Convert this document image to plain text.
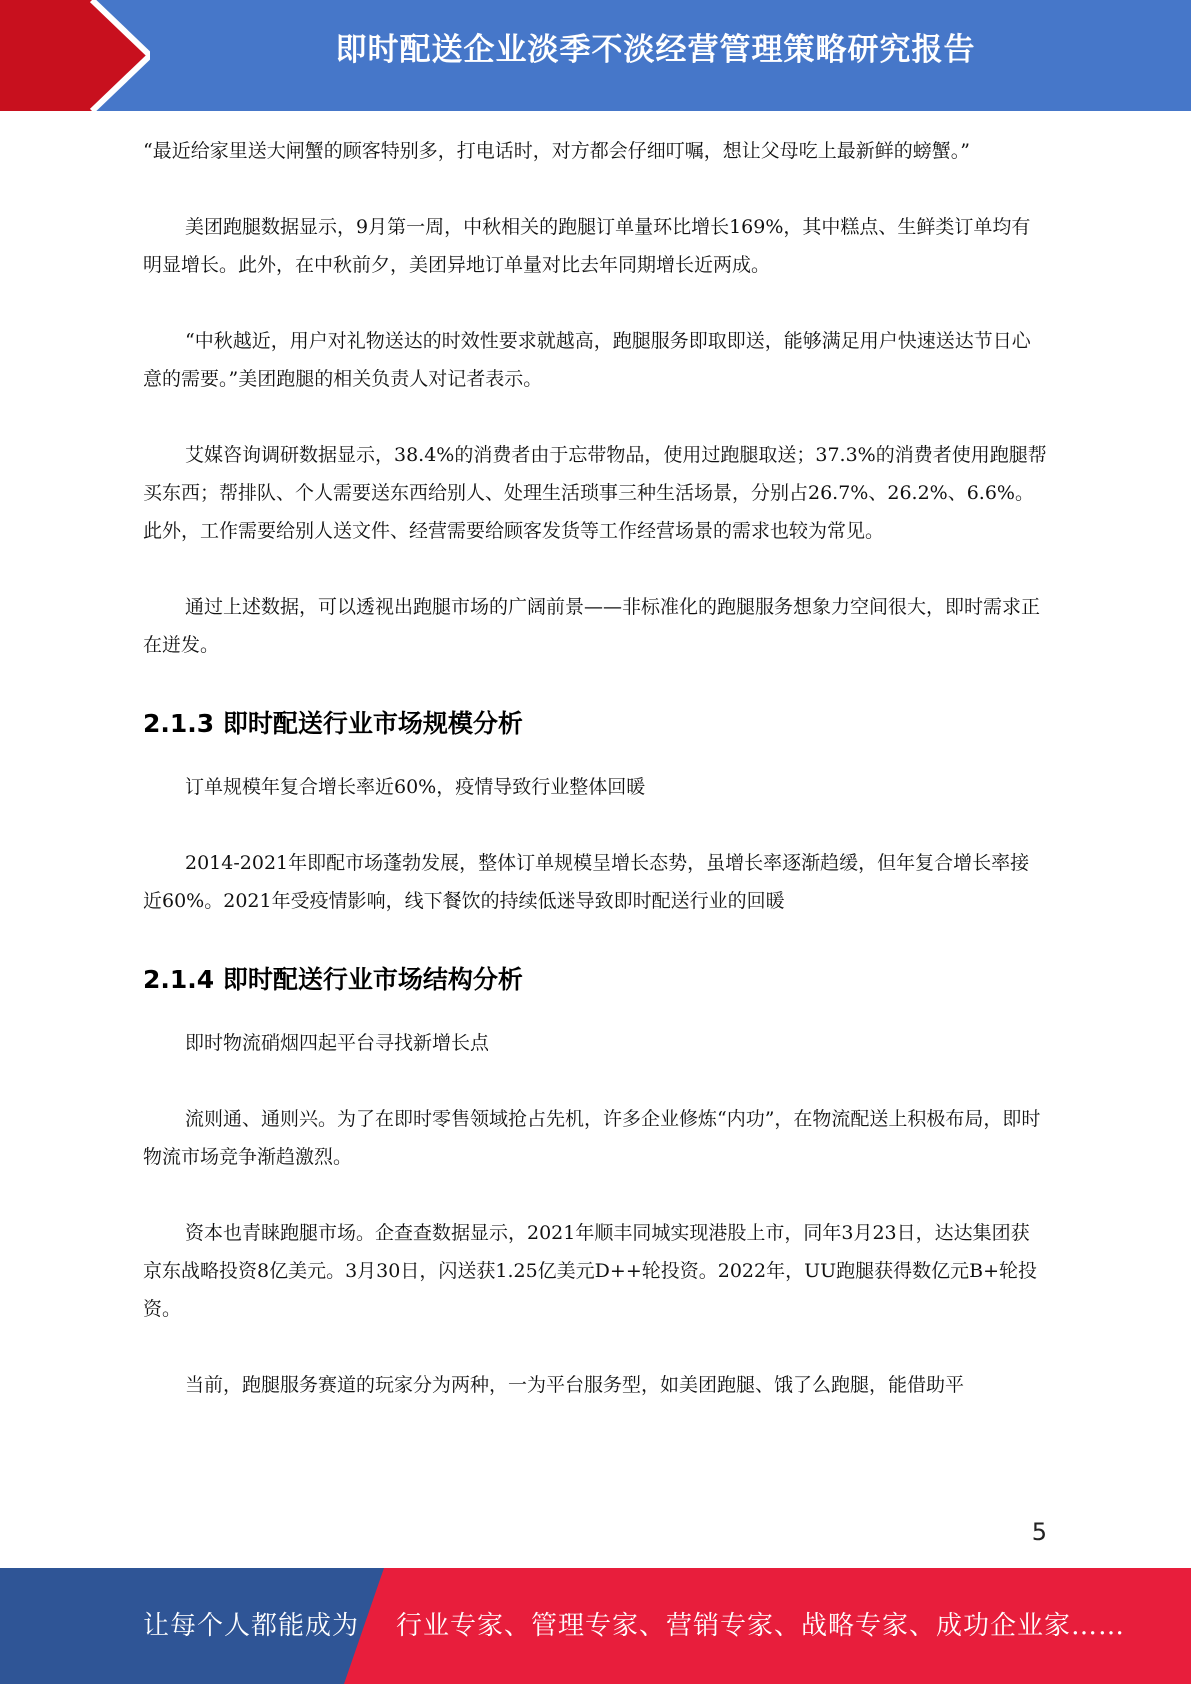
即时配送企业淡季不淡经营管理策略研究报告

“最近给家里送大闸蟹的顾客特别多，打电话时，对方都会仔细叮嘱，想让父母吃上最新鲜的螃蟹。”

美团跑腿数据显示，9月第一周，中秋相关的跑腿订单量环比增长169%，其中糕点、生鲜类订单均有明显增长。此外，在中秋前夕，美团异地订单量对比去年同期增长近两成。

“中秋越近，用户对礼物送达的时效性要求就越高，跑腿服务即取即送，能够满足用户快速送达节日心意的需要。”美团跑腿的相关负责人对记者表示。

艾媒咨询调研数据显示，38.4%的消费者由于忘带物品，使用过跑腿取送；37.3%的消费者使用跑腿帮买东西；帮排队、个人需要送东西给别人、处理生活琐事三种生活场景，分别占26.7%、26.2%、6.6%。此外，工作需要给别人送文件、经营需要给顾客发货等工作经营场景的需求也较为常见。

通过上述数据，可以透视出跑腿市场的广阔前景——非标准化的跑腿服务想象力空间很大，即时需求正在迸发。

2.1.3 即时配送行业市场规模分析

订单规模年复合增长率近60%，疫情导致行业整体回暖

2014-2021年即配市场蓬勃发展，整体订单规模呈增长态势，虽增长率逐渐趋缓，但年复合增长率接近60%。2021年受疫情影响，线下餐饮的持续低迷导致即时配送行业的回暖

2.1.4 即时配送行业市场结构分析

即时物流硝烟四起平台寻找新增长点

流则通、通则兴。为了在即时零售领域抢占先机，许多企业修炼“内功”，在物流配送上积极布局，即时物流市场竞争渐趋激烈。

资本也青睐跑腿市场。企查查数据显示，2021年顺丰同城实现港股上市，同年3月23日，达达集团获京东战略投资8亿美元。3月30日，闪送获1.25亿美元D++轮投资。2022年，UU跑腿获得数亿元B+轮投资。

当前，跑腿服务赛道的玩家分为两种，一为平台服务型，如美团跑腿、饿了么跑腿，能借助平

5
让每个人都能成为 行业专家、管理专家、营销专家、战略专家、成功企业家……
